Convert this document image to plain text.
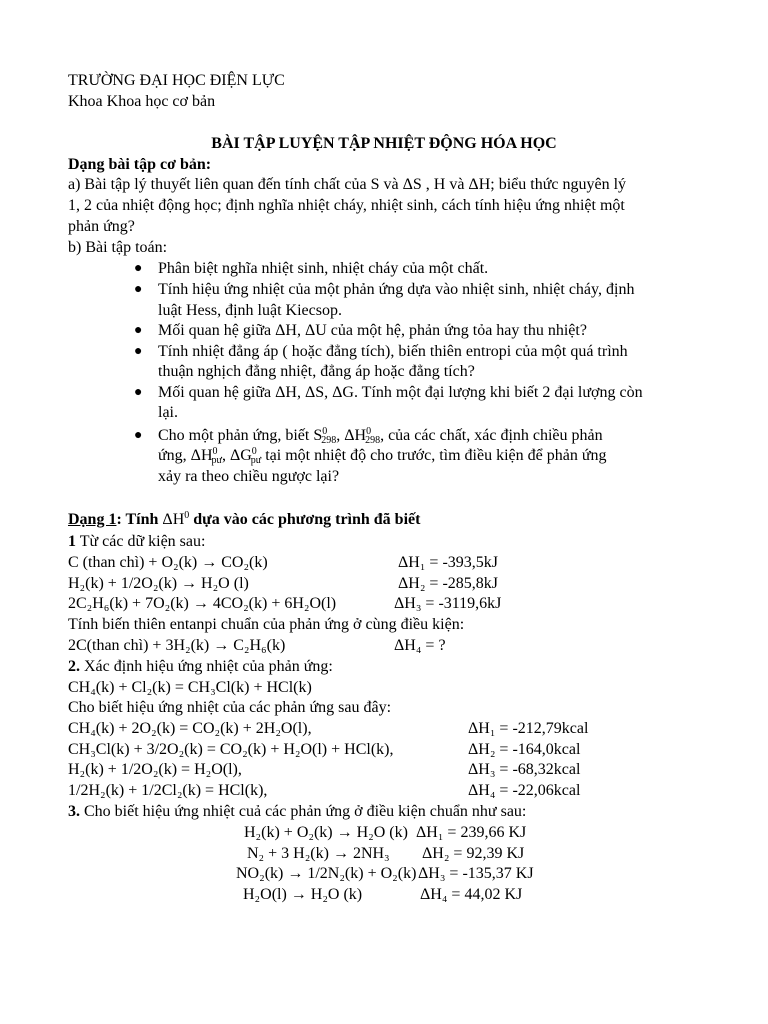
TRƯỜNG ĐẠI HỌC ĐIỆN LỰC
Khoa Khoa học cơ bản
BÀI TẬP LUYỆN TẬP NHIỆT ĐỘNG HÓA HỌC
Dạng bài tập cơ bản:
a) Bài tập lý thuyết liên quan đến tính chất của S và ΔS , H và ΔH; biểu thức nguyên lý
1, 2 của nhiệt động học; định nghĩa nhiệt cháy, nhiệt sinh, cách tính hiệu ứng nhiệt một
phản ứng?
b) Bài tập toán:
● Phân biệt nghĩa nhiệt sinh, nhiệt cháy của một chất.
● Tính hiệu ứng nhiệt của một phản ứng dựa vào nhiệt sinh, nhiệt cháy, định
luật Hess, định luật Kiecsop.
● Mối quan hệ giữa ΔH, ΔU của một hệ, phản ứng tỏa hay thu nhiệt?
● Tính nhiệt đẳng áp ( hoặc đẳng tích), biến thiên entropi của một quá trình
thuận nghịch đẳng nhiệt, đẳng áp hoặc đẳng tích?
● Mối quan hệ giữa ΔH, ΔS, ΔG. Tính một đại lượng khi biết 2 đại lượng còn
lại.
● Cho một phản ứng, biết $S^0_{298}$, $\Delta H^0_{298}$, của các chất, xác định chiều phản
ứng, $\Delta H^0_{pư}$, $\Delta G^0_{pư}$ tại một nhiệt độ cho trước, tìm điều kiện để phản ứng
xảy ra theo chiều ngược lại?
Dạng 1: Tính $\Delta H^0$ dựa vào các phương trình đã biết
1 Từ các dữ kiện sau:
C (than chì) + O₂(k) → CO₂(k)	ΔH₁ = -393,5kJ
H₂(k) + 1/2O₂(k) → H₂O (l)	ΔH₂ = -285,8kJ
2C₂H₆(k) + 7O₂(k) → 4CO₂(k) + 6H₂O(l)	ΔH₃ = -3119,6kJ
Tính biến thiên entanpi chuẩn của phản ứng ở cùng điều kiện:
2C(than chì) + 3H₂(k) → C₂H₆(k)	ΔH₄ = ?
2. Xác định hiệu ứng nhiệt của phản ứng:
CH₄(k) + Cl₂(k) = CH₃Cl(k) + HCl(k)
Cho biết hiệu ứng nhiệt của các phản ứng sau đây:
CH₄(k) + 2O₂(k) = CO₂(k) + 2H₂O(l),	ΔH₁ = -212,79kcal
CH₃Cl(k) + 3/2O₂(k) = CO₂(k) + H₂O(l) + HCl(k),	ΔH₂ = -164,0kcal
H₂(k) + 1/2O₂(k) = H₂O(l),	ΔH₃ = -68,32kcal
1/2H₂(k) + 1/2Cl₂(k) = HCl(k),	ΔH₄ = -22,06kcal
3. Cho biết hiệu ứng nhiệt cuả các phản ứng ở điều kiện chuẩn như sau:
H₂(k) + O₂(k) → H₂O (k) ΔH₁ = 239,66 KJ
N₂ + 3 H₂(k) → 2NH₃ ΔH₂ = 92,39 KJ
NO₂(k) → 1/2N₂(k) + O₂(k) ΔH₃ = -135,37 KJ
H₂O(l) → H₂O (k)	ΔH₄ = 44,02 KJ
